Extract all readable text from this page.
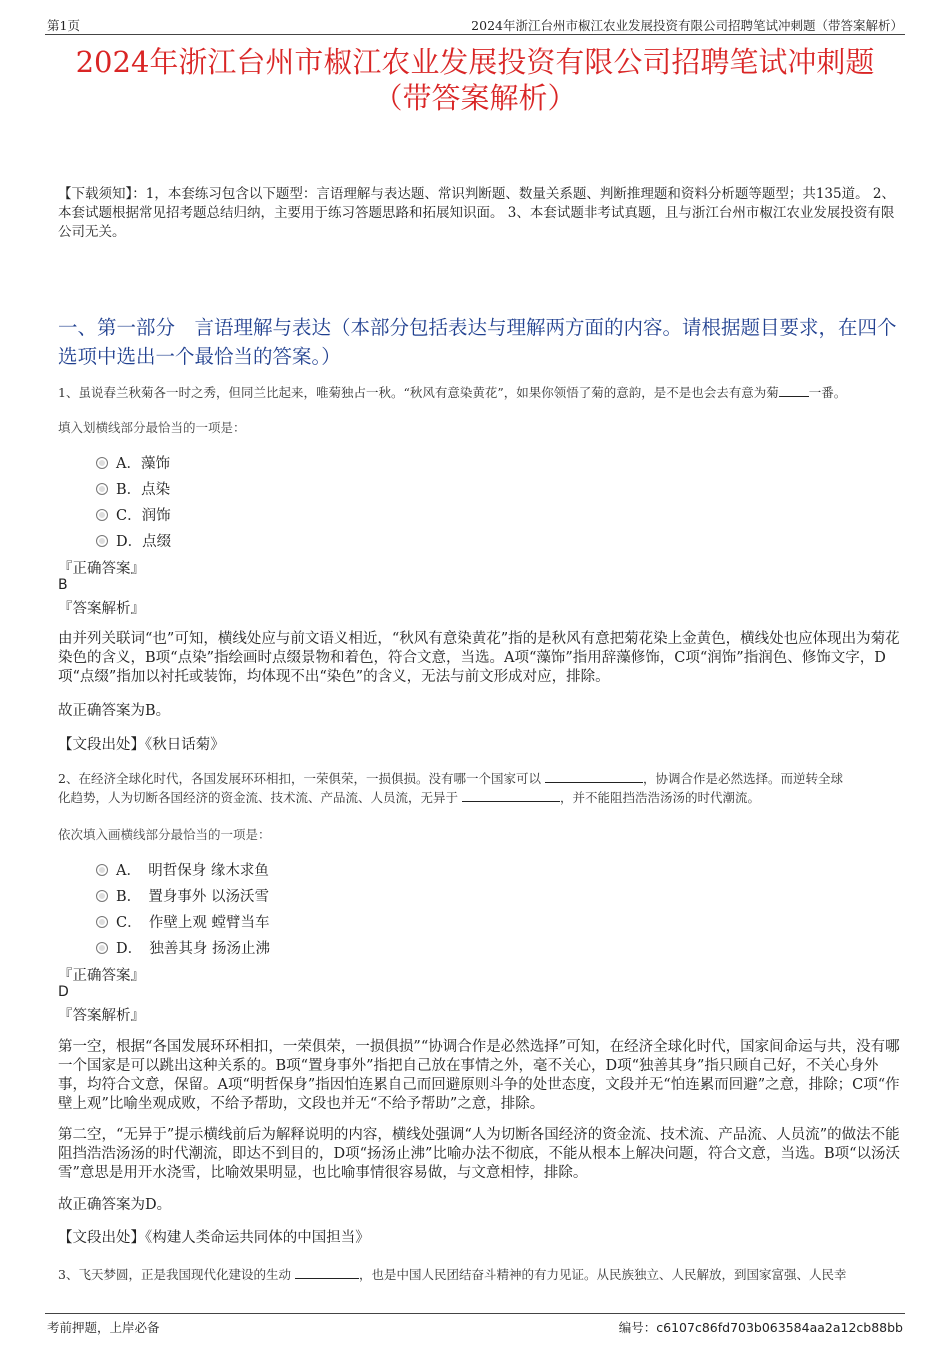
第1页	2024年浙江台州市椒江农业发展投资有限公司招聘笔试冲刺题（带答案解析）
2024年浙江台州市椒江农业发展投资有限公司招聘笔试冲刺题
（带答案解析）
【下载须知】：1，本套练习包含以下题型：言语理解与表达题、常识判断题、数量关系题、判断推理题和资料分析题等题型；共135道。 2、本套试题根据常见招考题总结归纳，主要用于练习答题思路和拓展知识面。 3、本套试题非考试真题，且与浙江台州市椒江农业发展投资有限公司无关。
一、第一部分　言语理解与表达（本部分包括表达与理解两方面的内容。请根据题目要求，在四个选项中选出一个最恰当的答案。）
1、虽说春兰秋菊各一时之秀，但同兰比起来，唯菊独占一秋。“秋风有意染黄花”，如果你领悟了菊的意韵，是不是也会去有意为菊 一番。
填入划横线部分最恰当的一项是：
A．藻饰
B．点染
C．润饰
D．点缀
『正确答案』
B
『答案解析』
由并列关联词“也”可知，横线处应与前文语义相近，“秋风有意染黄花”指的是秋风有意把菊花染上金黄色，横线处也应体现出为菊花染色的含义，B项“点染”指绘画时点缀景物和着色，符合文意，当选。A项“藻饰”指用辞藻修饰，C项“润饰”指润色、修饰文字，D项“点缀”指加以衬托或装饰，均体现不出“染色”的含义，无法与前文形成对应，排除。
故正确答案为B。
【文段出处】《秋日话菊》
2、在经济全球化时代，各国发展环环相扣，一荣俱荣，一损俱损。没有哪一个国家可以	，协调合作是必然选择。而逆转全球
化趋势，人为切断各国经济的资金流、技术流、产品流、人员流，无异于	，并不能阻挡浩浩汤汤的时代潮流。
依次填入画横线部分最恰当的一项是：
A．　明哲保身 缘木求鱼
B．　置身事外 以汤沃雪
C．　作壁上观 螳臂当车
D．　独善其身 扬汤止沸
『正确答案』
D
『答案解析』
第一空，根据“各国发展环环相扣，一荣俱荣，一损俱损”“协调合作是必然选择”可知，在经济全球化时代，国家间命运与共，没有哪一个国家是可以跳出这种关系的。B项“置身事外”指把自己放在事情之外，毫不关心，D项“独善其身”指只顾自己好，不关心身外事，均符合文意，保留。A项“明哲保身”指因怕连累自己而回避原则斗争的处世态度，文段并无“怕连累而回避”之意，排除；C项“作壁上观”比喻坐观成败，不给予帮助，文段也并无“不给予帮助”之意，排除。
第二空，“无异于”提示横线前后为解释说明的内容，横线处强调“人为切断各国经济的资金流、技术流、产品流、人员流”的做法不能阻挡浩浩汤汤的时代潮流，即达不到目的，D项“扬汤止沸”比喻办法不彻底，不能从根本上解决问题，符合文意，当选。B项“以汤沃雪”意思是用开水浇雪，比喻效果明显，也比喻事情很容易做，与文意相悖，排除。
故正确答案为D。
【文段出处】《构建人类命运共同体的中国担当》
3、飞天梦圆，正是我国现代化建设的生动	，也是中国人民团结奋斗精神的有力见证。从民族独立、人民解放，到国家富强、人民幸
考前押题，上岸必备	编号：c6107c86fd703b063584aa2a12cb88bb
